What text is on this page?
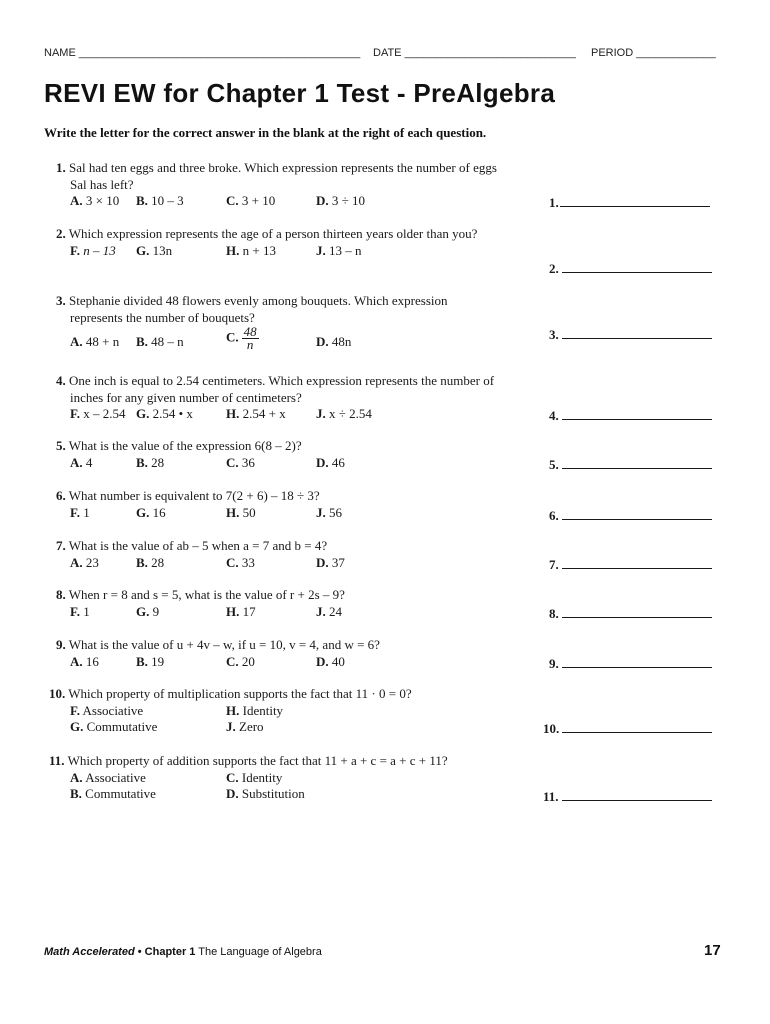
NAME ______________________________________________ DATE ____________________________ PERIOD _____________
REVI EW for Chapter 1 Test - PreAlgebra
Write the letter for the correct answer in the blank at the right of each question.
1. Sal had ten eggs and three broke. Which expression represents the number of eggs Sal has left?
A. 3 × 10 B. 10 – 3	C. 3 + 10	D. 3 ÷ 10	1.
2. Which expression represents the age of a person thirteen years older than you?
F. n – 13 G. 13n	H. n + 13	J. 13 – n
2.
3. Stephanie divided 48 flowers evenly among bouquets. Which expression represents the number of bouquets?
A. 48 + n B. 48 – n	C. $\frac{48}{n}$	D. 48n	3.
4. One inch is equal to 2.54 centimeters. Which expression represents the number of inches for any given number of centimeters?
F. x – 2.54 G. 2.54 • x	H. 2.54 + x J. x ÷ 2.54	4.
5. What is the value of the expression 6(8 – 2)?
A. 4	B. 28	C. 36	D. 46	5.
6. What number is equivalent to 7(2 + 6) – 18 ÷ 3?
F. 1	G. 16	H. 50	J. 56	6.
7. What is the value of ab – 5 when a = 7 and b = 4?
A. 23	B. 28	C. 33	D. 37	7.
8. When r = 8 and s = 5, what is the value of r + 2s – 9?
F. 1	G. 9	H. 17	J. 24	8.
9. What is the value of u + 4v – w, if u = 10, v = 4, and w = 6?
A. 16	B. 19	C. 20	D. 40	9.
10. Which property of multiplication supports the fact that 11 · 0 = 0?
F. Associative	H. Identity
G. Commutative	J. Zero	10.
11. Which property of addition supports the fact that 11 + a + c = a + c + 11?
A. Associative	C. Identity
B. Commutative	D. Substitution	11.
Math Accelerated • Chapter 1 The Language of Algebra	17
